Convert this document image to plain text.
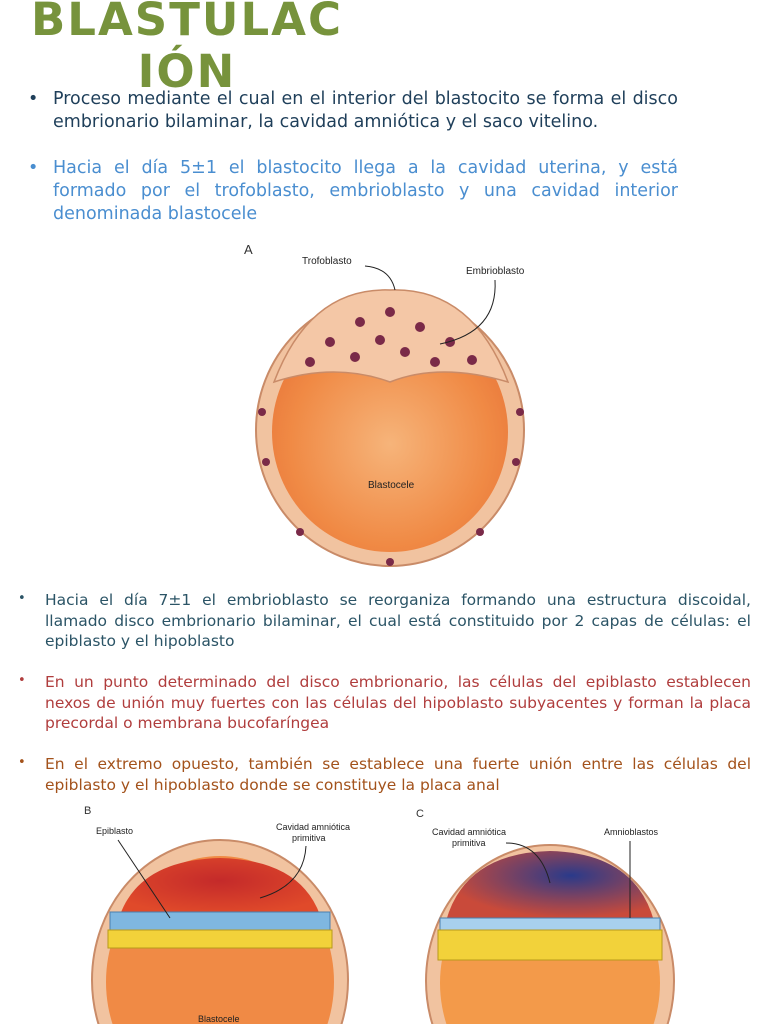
BLASTULAC
IÓN
• Proceso mediante el cual en el interior del blastocito se forma el disco embrionario bilaminar, la cavidad amniótica y el saco vitelino.
• Hacia el día 5±1 el blastocito llega a la cavidad uterina, y está formado por el trofoblasto, embrioblasto y una cavidad interior denominada blastocele
A
Trofoblasto
Embrioblasto
Blastocele
• Hacia el día 7±1 el embrioblasto se reorganiza formando una estructura discoidal, llamado disco embrionario bilaminar, el cual está constituido por 2 capas de células: el epiblasto y el hipoblasto
• En un punto determinado del disco embrionario, las células del epiblasto establecen nexos de unión muy fuertes con las células del hipoblasto subyacentes y forman la placa precordal o membrana bucofaríngea
• En el extremo opuesto, también se establece una fuerte unión entre las células del epiblasto y el hipoblasto donde se constituye la placa anal
B
Epiblasto	Cavidad amniótica
primitiva
Blastocele
C
Cavidad amniótica
primitiva
Amnioblastos
